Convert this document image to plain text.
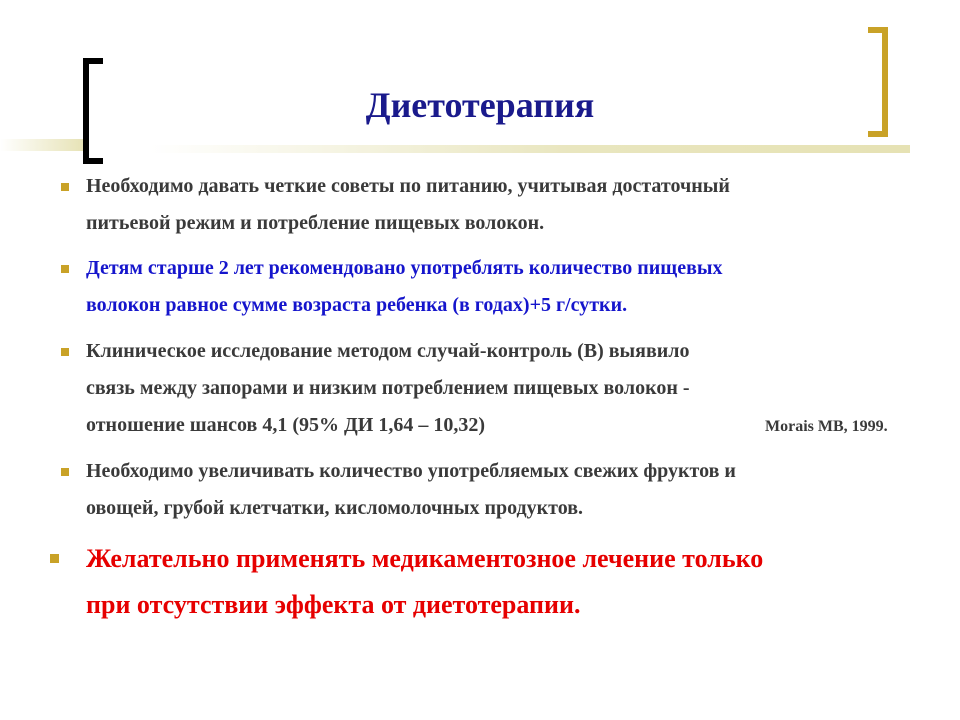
Диетотерапия
Необходимо давать четкие советы по питанию, учитывая достаточный
питьевой режим и потребление пищевых волокон.
Детям старше 2 лет рекомендовано употреблять количество пищевых
волокон равное сумме возраста ребенка (в годах)+5 г/сутки.
Клиническое исследование методом случай-контроль (В) выявило
связь между запорами и низким потреблением пищевых волокон -
отношение шансов 4,1 (95% ДИ 1,64 – 10,32)
Необходимо увеличивать количество употребляемых свежих фруктов и
овощей, грубой клетчатки, кисломолочных продуктов.
Желательно применять медикаментозное лечение только
при отсутствии эффекта от диетотерапии.
Morais MB, 1999.
